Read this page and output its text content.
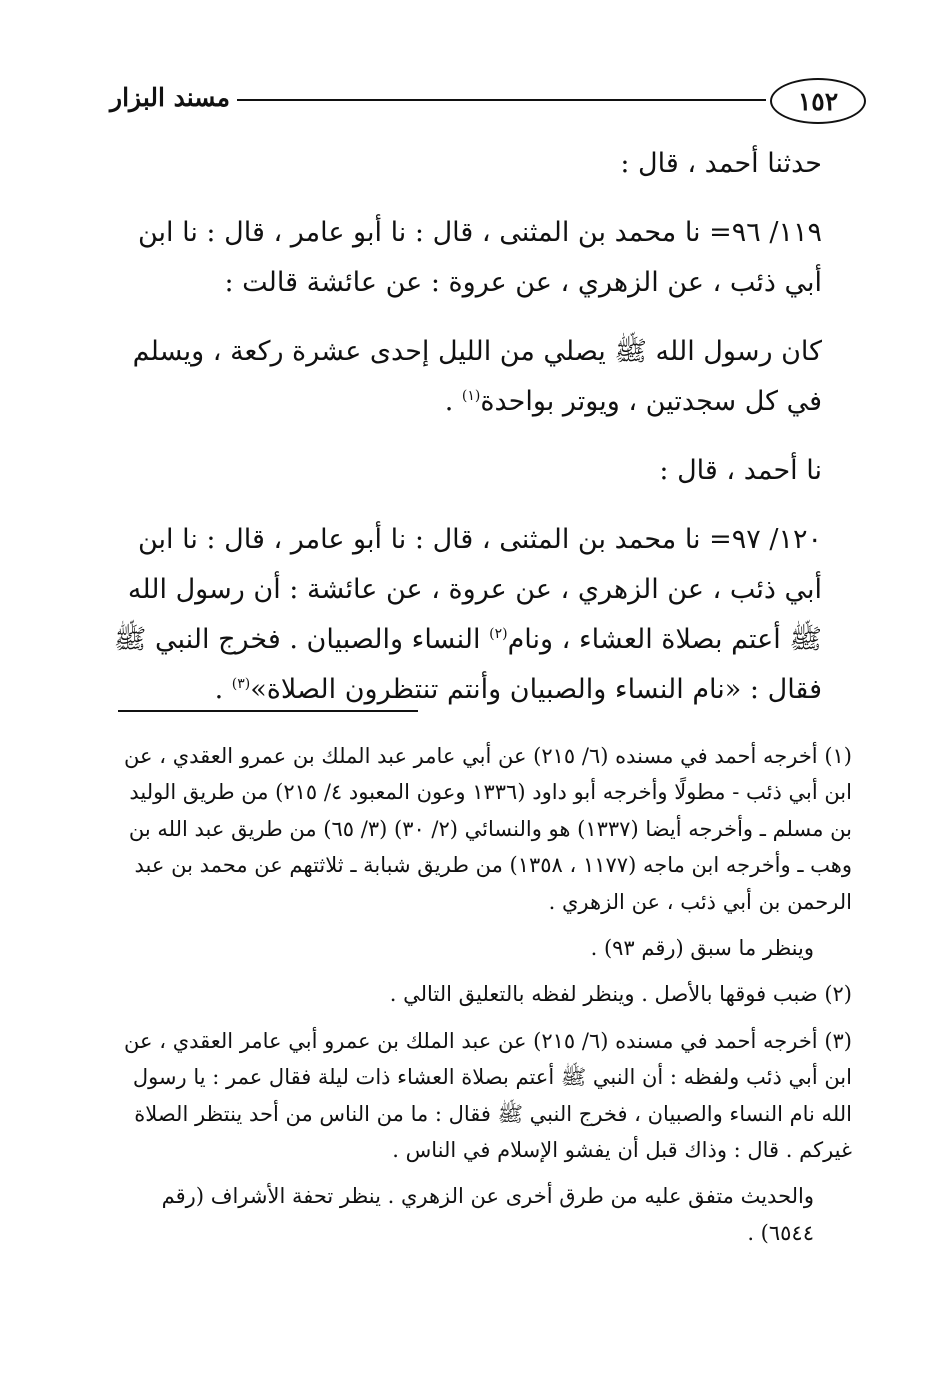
١٥٢
مسند البزار

حدثنا أحمد ، قال :

١١٩/ ٩٦= نا محمد بن المثنى ، قال : نا أبو عامر ، قال : نا ابن أبي ذئب ، عن الزهري ، عن عروة : عن عائشة قالت :

كان رسول الله ﷺ يصلي من الليل إحدى عشرة ركعة ، ويسلم في كل سجدتين ، ويوتر بواحدة$^{(١)}$ .

نا أحمد ، قال :

١٢٠/ ٩٧= نا محمد بن المثنى ، قال : نا أبو عامر ، قال : نا ابن أبي ذئب ، عن الزهري ، عن عروة ، عن عائشة : أن رسول الله ﷺ أعتم بصلاة العشاء ، ونام$^{(٢)}$ النساء والصبيان . فخرج النبي ﷺ فقال : «نام النساء والصبيان وأنتم تنتظرون الصلاة»$^{(٣)}$ .

(١) أخرجه أحمد في مسنده (٦/ ٢١٥) عن أبي عامر عبد الملك بن عمرو العقدي ، عن ابن أبي ذئب - مطولًا وأخرجه أبو داود (١٣٣٦ وعون المعبود ٤/ ٢١٥) من طريق الوليد بن مسلم ـ وأخرجه أيضا (١٣٣٧) هو والنسائي (٢/ ٣٠) (٣/ ٦٥) من طريق عبد الله بن وهب ـ وأخرجه ابن ماجه (١١٧٧ ، ١٣٥٨) من طريق شبابة ـ ثلاثتهم عن محمد بن عبد الرحمن بن أبي ذئب ، عن الزهري .

وينظر ما سبق (رقم ٩٣) .

(٢) ضبب فوقها بالأصل . وينظر لفظه بالتعليق التالي .

(٣) أخرجه أحمد في مسنده (٦/ ٢١٥) عن عبد الملك بن عمرو أبي عامر العقدي ، عن ابن أبي ذئب ولفظه : أن النبي ﷺ أعتم بصلاة العشاء ذات ليلة فقال عمر : يا رسول الله نام النساء والصبيان ، فخرج النبي ﷺ فقال : ما من الناس من أحد ينتظر الصلاة غيركم . قال : وذاك قبل أن يفشو الإسلام في الناس .

والحديث متفق عليه من طرق أخرى عن الزهري . ينظر تحفة الأشراف (رقم ٦٥٤٤) .
